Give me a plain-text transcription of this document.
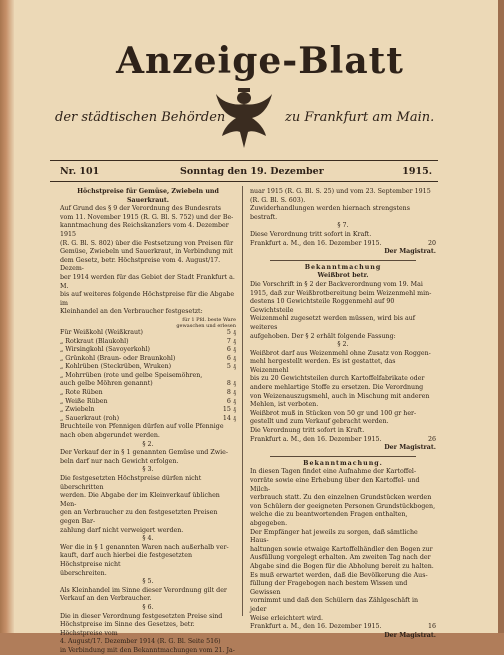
Anzeige-Blatt
der städtischen Behörden	zu Frankfurt am Main.
Nr. 101	Sonntag den 19. Dezember	1915.

Höchstpreise für Gemüse, Zwiebeln und Sauerkraut.

Auf Grund des § 9 der Verordnung des Bundesrats

vom 11. November 1915 (R. G. Bl. S. 752) und der Be-

kanntmachung des Reichskanzlers vom 4. Dezember 1915

(R. G. Bl. S. 802) über die Festsetzung von Preisen für

Gemüse, Zwiebeln und Sauerkraut, in Verbindung mit

dem Gesetz, betr. Höchstpreise vom 4. August/17. Dezem-

ber 1914 werden für das Gebiet der Stadt Frankfurt a. M.

bis auf weiteres folgende Höchstpreise für die Abgabe im

Kleinhandel an den Verbraucher festgesetzt:

für 1 Pfd. beste Ware

gewaschen und erlesen

Für Weißkohl (Weißkraut)	5 ₰
„ Rotkraut (Blaukohl)	7 ₰
„ Wirsingkohl (Savoyerkohl)	6 ₰
„ Grünkohl (Braun- oder Braunkohl)	6 ₰
„ Kohlrüben (Steckrüben, Wruken)	5 ₰
„ Mohrrüben (rote und gelbe Speisemöhren,
auch gelbe Möhren genannt)	8 ₰
„ Rote Rüben	8 ₰
„ Weiße Rüben	6 ₰
„ Zwiebeln	15 ₰
„ Sauerkraut (roh)	14 ₰

Bruchteile von Pfennigen dürfen auf volle Pfennige

nach oben abgerundet werden.

§ 2.

Der Verkauf der in § 1 genannten Gemüse und Zwie-

beln darf nur nach Gewicht erfolgen.

§ 3.

Die festgesetzten Höchstpreise dürfen nicht überschritten

werden. Die Abgabe der im Kleinverkauf üblichen Men-

gen an Verbraucher zu den festgesetzten Preisen gegen Bar-

zahlung darf nicht verweigert werden.

§ 4.

Wer die in § 1 genannten Waren nach außerhalb ver-

kauft, darf auch hierbei die festgesetzten Höchstpreise nicht

überschreiten.

§ 5.

Als Kleinhandel im Sinne dieser Verordnung gilt der

Verkauf an den Verbraucher.

§ 6.

Die in dieser Verordnung festgesetzten Preise sind

Höchstpreise im Sinne des Gesetzes, betr. Höchstpreise vom

4. August/17. Dezember 1914 (R. G. Bl. Seite 516)

in Verbindung mit den Bekanntmachungen vom 21. Ja-

nuar 1915 (R. G. Bl. S. 25) und vom 23. September 1915

(R. G. Bl. S. 603).

Zuwiderhandlungen werden hiernach strengstens bestraft.

§ 7.

Diese Verordnung tritt sofort in Kraft.

Frankfurt a. M., den 16. Dezember 1915.	20

Der Magistrat.

Bekanntmachung

Weißbrot betr.

Die Vorschrift in § 2 der Backverordnung vom 19. Mai

1915, daß zur Weißbrotbereitung beim Weizenmehl min-

destens 10 Gewichtsteile Roggenmehl auf 90 Gewichtsteile

Weizenmehl zugesetzt werden müssen, wird bis auf weiteres

aufgehoben. Der § 2 erhält folgende Fassung:

§ 2.

Weißbrot darf aus Weizenmehl ohne Zusatz von Roggen-

mehl hergestellt werden. Es ist gestattet, das Weizenmehl

bis zu 20 Gewichtsteilen durch Kartoffelfabrikate oder

andere mehlartige Stoffe zu ersetzen. Die Verordnung

von Weizenauszugsmehl, auch in Mischung mit anderen

Mehlen, ist verboten.

Weißbrot muß in Stücken von 50 gr und 100 gr her-

gestellt und zum Verkauf gebracht werden.

Die Verordnung tritt sofort in Kraft.

Frankfurt a. M., den 16. Dezember 1915.	26

Der Magistrat.

Bekanntmachung.

In diesen Tagen findet eine Aufnahme der Kartoffel-

vorräte sowie eine Erhebung über den Kartoffel- und Milch-

verbrauch statt. Zu den einzelnen Grundstücken werden

von Schülern der geeigneten Personen Grundstückbogen,

welche die zu beantwortenden Fragen enthalten, abgegeben.

Der Empfänger hat jeweils zu sorgen, daß sämtliche Haus-

haltungen sowie etwaige Kartoffelhändler den Bogen zur

Ausfüllung vorgelegt erhalten. Am zweiten Tag nach der

Abgabe sind die Bogen für die Abholung bereit zu halten.

Es muß erwartet werden, daß die Bevölkerung die Aus-

füllung der Fragebogen nach bestem Wissen und Gewissen

vornimmt und daß den Schülern das Zählgeschäft in jeder

Weise erleichtert wird.

Frankfurt a. M., den 16. Dezember 1915.	16

Der Magistrat.
